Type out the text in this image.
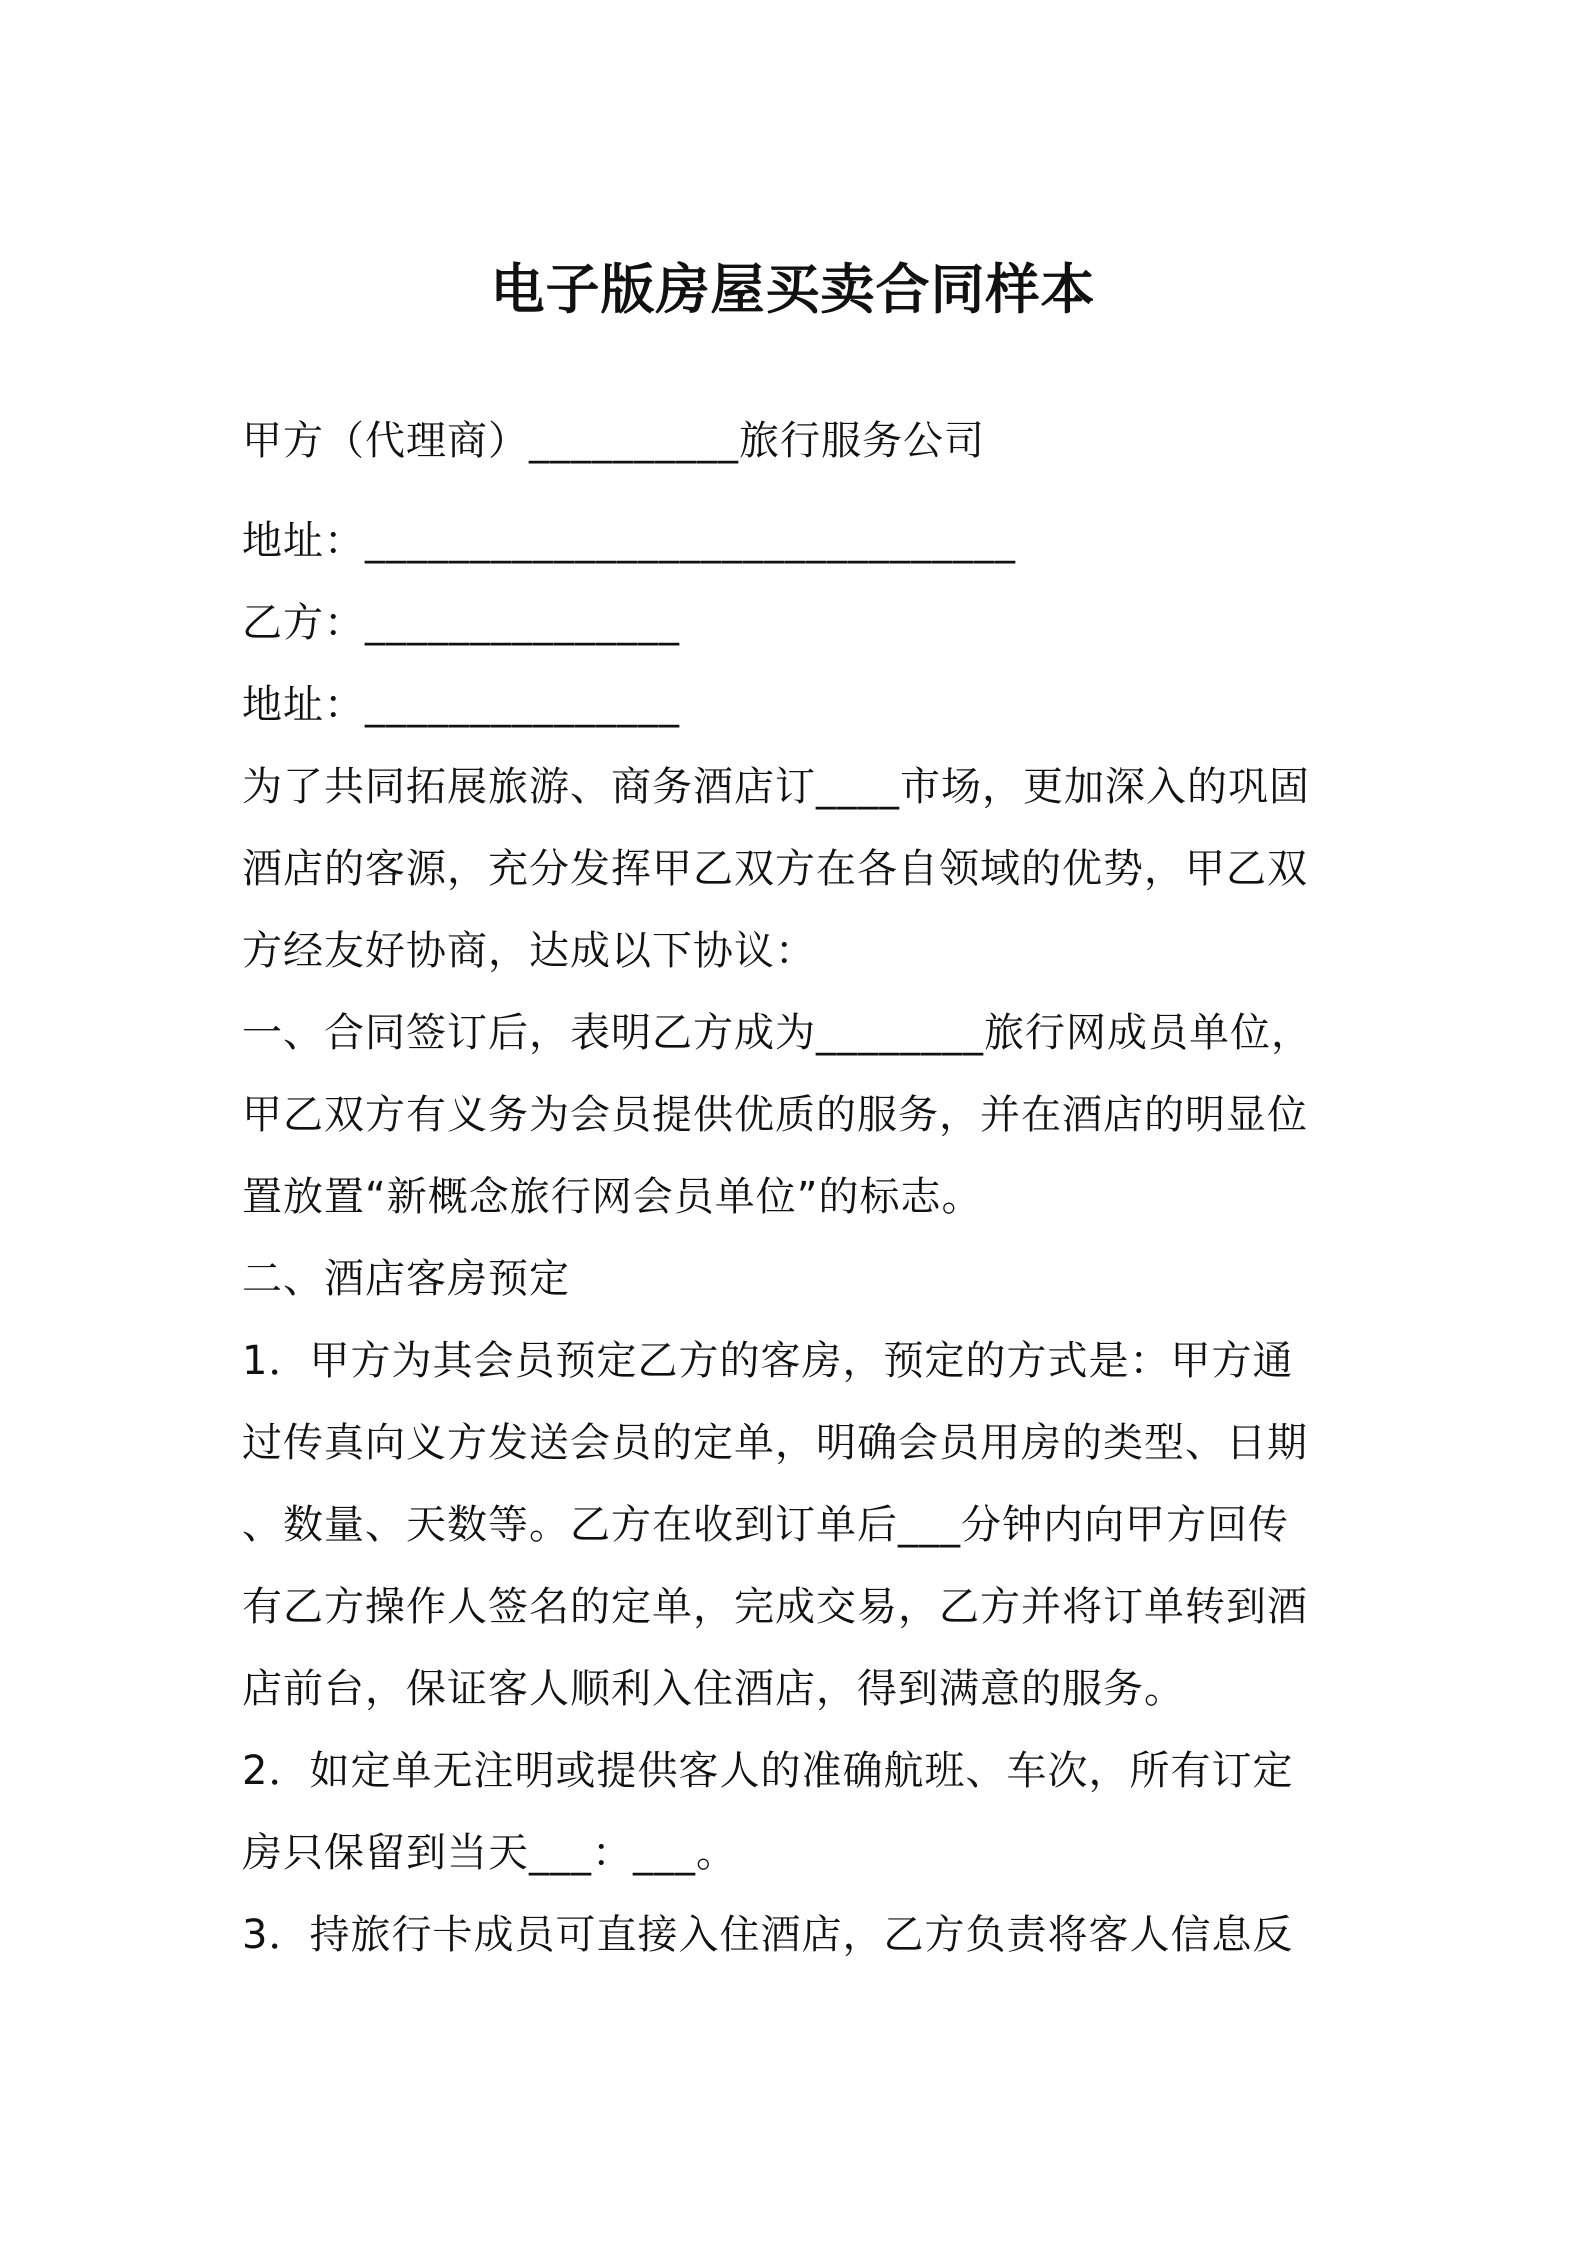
电子版房屋买卖合同样本

甲方（代理商）__________旅行服务公司

地址：_______________________________

乙方：_______________

地址：_______________

为了共同拓展旅游、商务酒店订____市场，更加深入的巩固

酒店的客源，充分发挥甲乙双方在各自领域的优势，甲乙双

方经友好协商，达成以下协议：

一、合同签订后，表明乙方成为________旅行网成员单位，

甲乙双方有义务为会员提供优质的服务，并在酒店的明显位

置放置“新概念旅行网会员单位”的标志。

二、酒店客房预定

1．甲方为其会员预定乙方的客房，预定的方式是：甲方通

过传真向义方发送会员的定单，明确会员用房的类型、日期

、数量、天数等。乙方在收到订单后___分钟内向甲方回传

有乙方操作人签名的定单，完成交易，乙方并将订单转到酒

店前台，保证客人顺利入住酒店，得到满意的服务。

2．如定单无注明或提供客人的准确航班、车次，所有订定

房只保留到当天___：___。

3．持旅行卡成员可直接入住酒店，乙方负责将客人信息反
